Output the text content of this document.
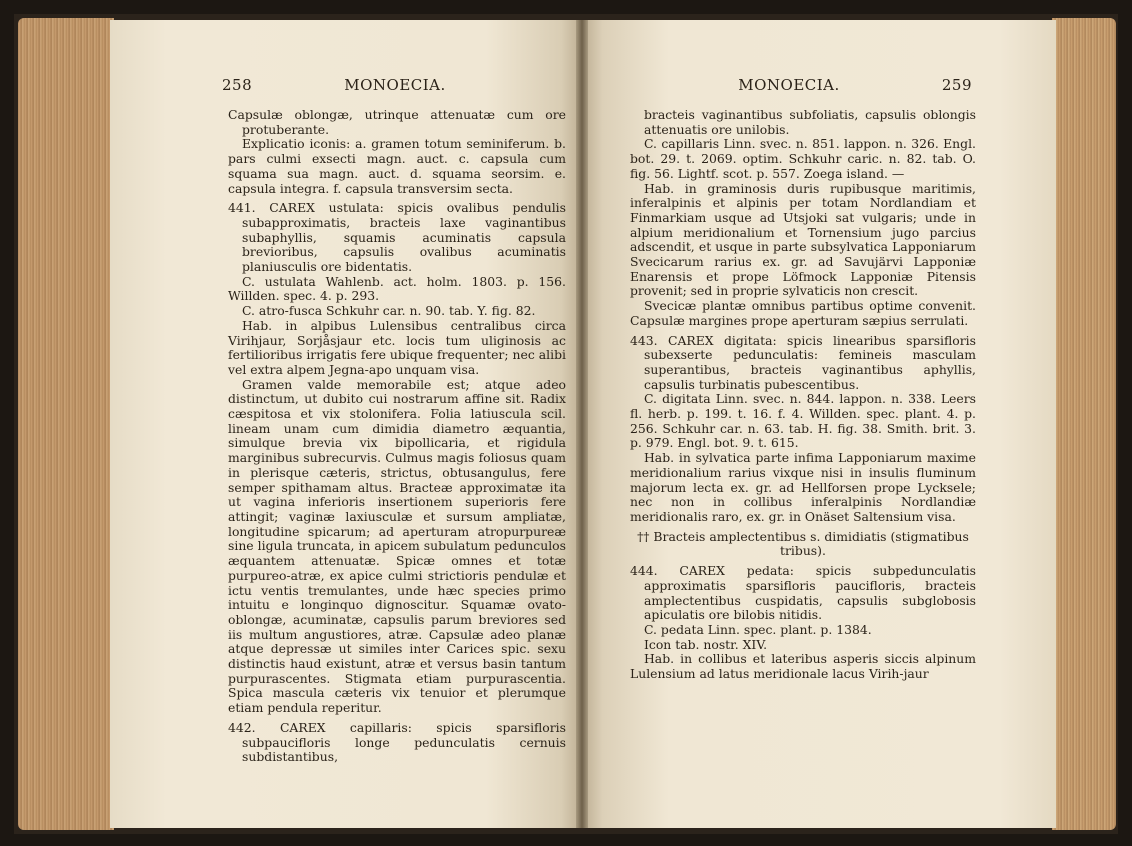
258	MONOECIA.

Capsulæ oblongæ, utrinque attenuatæ cum ore protuberante.

Explicatio iconis: a. gramen totum seminiferum. b. pars culmi exsecti magn. auct. c. capsula cum squama sua magn. auct. d. squama seorsim. e. capsula integra. f. capsula transversim secta.

441. CAREX ustulata: spicis ovalibus pendulis subapproximatis, bracteis laxe vaginantibus subaphyllis, squamis acuminatis capsula brevioribus, capsulis ovalibus acuminatis planiusculis ore bidentatis.

C. ustulata Wahlenb. act. holm. 1803. p. 156. Willden. spec. 4. p. 293.

C. atro-fusca Schkuhr car. n. 90. tab. Y. fig. 82.

Hab. in alpibus Lulensibus centralibus circa Virihjaur, Sorjåsjaur etc. locis tum uliginosis ac fertilioribus irrigatis fere ubique frequenter; nec alibi vel extra alpem Jegna-apo unquam visa.

Gramen valde memorabile est; atque adeo distinctum, ut dubito cui nostrarum affine sit. Radix cæspitosa et vix stolonifera. Folia latiuscula scil. lineam unam cum dimidia diametro æquantia, simulque brevia vix bipollicaria, et rigidula marginibus subrecurvis. Culmus magis foliosus quam in plerisque cæteris, strictus, obtusangulus, fere semper spithamam altus. Bracteæ approximatæ ita ut vagina inferioris insertionem superioris fere attingit; vaginæ laxiusculæ et sursum ampliatæ, longitudine spicarum; ad aperturam atropurpureæ sine ligula truncata, in apicem subulatum pedunculos æquantem attenuatæ. Spicæ omnes et totæ purpureo-atræ, ex apice culmi strictioris pendulæ et ictu ventis tremulantes, unde hæc species primo intuitu e longinquo dignoscitur. Squamæ ovato-oblongæ, acuminatæ, capsulis parum breviores sed iis multum angustiores, atræ. Capsulæ adeo planæ atque depressæ ut similes inter Carices spic. sexu distinctis haud existunt, atræ et versus basin tantum purpurascentes. Stigmata etiam purpurascentia. Spica mascula cæteris vix tenuior et plerumque etiam pendula reperitur.

442. CAREX capillaris: spicis sparsifloris subpaucifloris longe pedunculatis cernuis subdistantibus,

MONOECIA.	259

bracteis vaginantibus subfoliatis, capsulis oblongis attenuatis ore unilobis.

C. capillaris Linn. svec. n. 851. lappon. n. 326. Engl. bot. 29. t. 2069. optim. Schkuhr caric. n. 82. tab. O. fig. 56. Lightf. scot. p. 557. Zoega island. —

Hab. in graminosis duris rupibusque maritimis, inferalpinis et alpinis per totam Nordlandiam et Finmarkiam usque ad Utsjoki sat vulgaris; unde in alpium meridionalium et Tornensium jugo parcius adscendit, et usque in parte subsylvatica Lapponiarum Svecicarum rarius ex. gr. ad Savujärvi Lapponiæ Enarensis et prope Löfmock Lapponiæ Pitensis provenit; sed in proprie sylvaticis non crescit.

Svecicæ plantæ omnibus partibus optime convenit. Capsulæ margines prope aperturam sæpius serrulati.

443. CAREX digitata: spicis linearibus sparsifloris subexserte pedunculatis: femineis masculam superantibus, bracteis vaginantibus aphyllis, capsulis turbinatis pubescentibus.

C. digitata Linn. svec. n. 844. lappon. n. 338. Leers fl. herb. p. 199. t. 16. f. 4. Willden. spec. plant. 4. p. 256. Schkuhr car. n. 63. tab. H. fig. 38. Smith. brit. 3. p. 979. Engl. bot. 9. t. 615.

Hab. in sylvatica parte infima Lapponiarum maxime meridionalium rarius vixque nisi in insulis fluminum majorum lecta ex. gr. ad Hellforsen prope Lycksele; nec non in collibus inferalpinis Nordlandiæ meridionalis raro, ex. gr. in Onäset Saltensium visa.

†† Bracteis amplectentibus s. dimidiatis (stigmatibus tribus).

444. CAREX pedata: spicis subpedunculatis approximatis sparsifloris paucifloris, bracteis amplectentibus cuspidatis, capsulis subglobosis apiculatis ore bilobis nitidis.

C. pedata Linn. spec. plant. p. 1384.

Icon tab. nostr. XIV.

Hab. in collibus et lateribus asperis siccis alpinum Lulensium ad latus meridionale lacus Virih-jaur
